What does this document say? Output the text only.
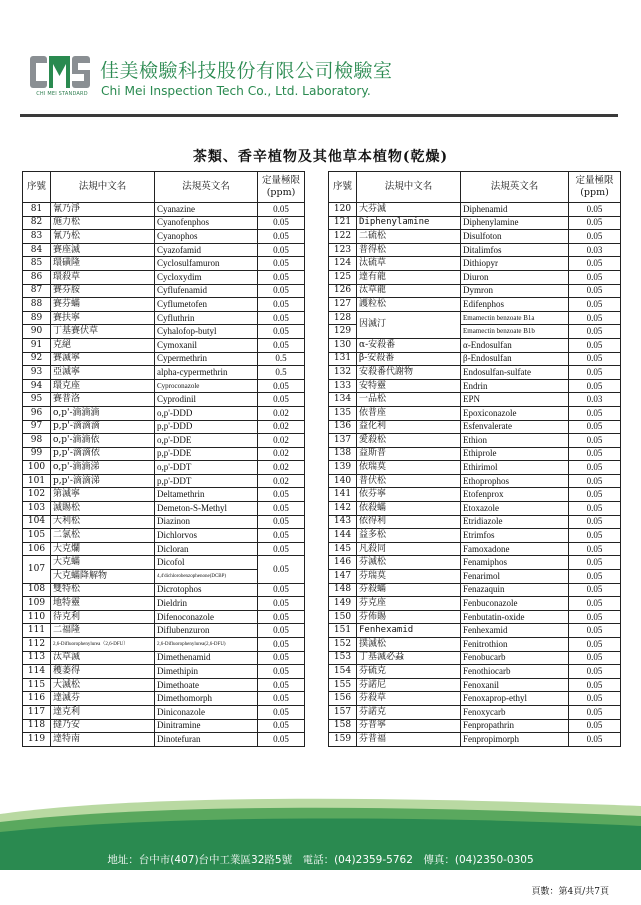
CHI MEI STANDARD
佳美檢驗科技股份有限公司檢驗室
Chi Mei Inspection Tech Co., Ltd. Laboratory.
茶類、香辛植物及其他草本植物(乾燥)
序號	法規中文名	法規英文名	定量極限
(ppm)
81	氰乃淨	Cyanazine	0.05
82	施力松	Cyanofenphos	0.05
83	氰乃松	Cyanophos	0.05
84	賽座滅	Cyazofamid	0.05
85	環磺隆	Cyclosulfamuron	0.05
86	環殺草	Cycloxydim	0.05
87	賽芬胺	Cyflufenamid	0.05
88	賽芬蟎	Cyflumetofen	0.05
89	賽扶寧	Cyfluthrin	0.05
90	丁基賽伏草	Cyhalofop-butyl	0.05
91	克絕	Cymoxanil	0.05
92	賽滅寧	Cypermethrin	0.5
93	亞滅寧	alpha-cypermethrin	0.5
94	環克座	Cyproconazole	0.05
95	賽普洛	Cyprodinil	0.05
96	o,p'-滴滴滴	o,p'-DDD	0.02
97	p,p'-滴滴滴	p,p'-DDD	0.02
98	o,p'-滴滴依	o,p'-DDE	0.02
99	p,p'-滴滴依	p,p'-DDE	0.02
100	o,p'-滴滴涕	o,p'-DDT	0.02
101	p,p'-滴滴涕	p,p'-DDT	0.02
102	第滅寧	Deltamethrin	0.05
103	滅賜松	Demeton-S-Methyl	0.05
104	大利松	Diazinon	0.05
105	二氯松	Dichlorvos	0.05
106	大克爛	Dicloran	0.05
107	大克蟎	Dicofol	0.05
	大克蟎降解物	4,4'dichlorobenzophenone(DCBP)	
108	雙特松	Dicrotophos	0.05
109	地特靈	Dieldrin	0.05
110	待克利	Difenoconazole	0.05
111	二福隆	Diflubenzuron	0.05
112	2,6-Difluorophenylurea（2,6-DFU）	2,6-Difluorophenylurea(2,6-DFU)	0.05
113	汰草滅	Dimethenamid	0.05
114	穫萎得	Dimethipin	0.05
115	大滅松	Dimethoate	0.05
116	達滅芬	Dimethomorph	0.05
117	達克利	Diniconazole	0.05
118	撻乃安	Dinitramine	0.05
119	達特南	Dinotefuran	0.05
序號	法規中文名	法規英文名	定量極限
(ppm)
120	大芬滅	Diphenamid	0.05
121	Diphenylamine	Diphenylamine	0.05
122	二硫松	Disulfoton	0.05
123	普得松	Ditalimfos	0.03
124	汰硫草	Dithiopyr	0.05
125	達有龍	Diuron	0.05
126	汰草龍	Dymron	0.05
127	護粒松	Edifenphos	0.05
128	因滅汀	Emamectin benzoate B1a	0.05
129		Emamectin benzoate B1b	0.05
130	α-安殺番	α-Endosulfan	0.05
131	β-安殺番	β-Endosulfan	0.05
132	安殺番代謝物	Endosulfan-sulfate	0.05
133	安特靈	Endrin	0.05
134	一品松	EPN	0.03
135	依普座	Epoxiconazole	0.05
136	益化利	Esfenvalerate	0.05
137	愛殺松	Ethion	0.05
138	益斯普	Ethiprole	0.05
139	依瑞莫	Ethirimol	0.05
140	普伏松	Ethoprophos	0.05
141	依芬寧	Etofenprox	0.05
142	依殺蟎	Etoxazole	0.05
143	依得利	Etridiazole	0.05
144	益多松	Etrimfos	0.05
145	凡殺同	Famoxadone	0.05
146	芬滅松	Fenamiphos	0.05
147	芬瑞莫	Fenarimol	0.05
148	芬殺蟎	Fenazaquin	0.05
149	芬克座	Fenbuconazole	0.05
150	芬佈賜	Fenbutatin-oxide	0.05
151	Fenhexamid	Fenhexamid	0.05
152	撲滅松	Fenitrothion	0.05
153	丁基滅必蝨	Fenobucarb	0.05
154	芬硫克	Fenothiocarb	0.05
155	芬諾尼	Fenoxanil	0.05
156	芬殺草	Fenoxaprop-ethyl	0.05
157	芬諾克	Fenoxycarb	0.05
158	芬普寧	Fenpropathrin	0.05
159	芬普福	Fenpropimorph	0.05
地址：台中市(407)台中工業區32路5號　電話：(04)2359-5762　傳真：(04)2350-0305
頁數：第4頁/共7頁
